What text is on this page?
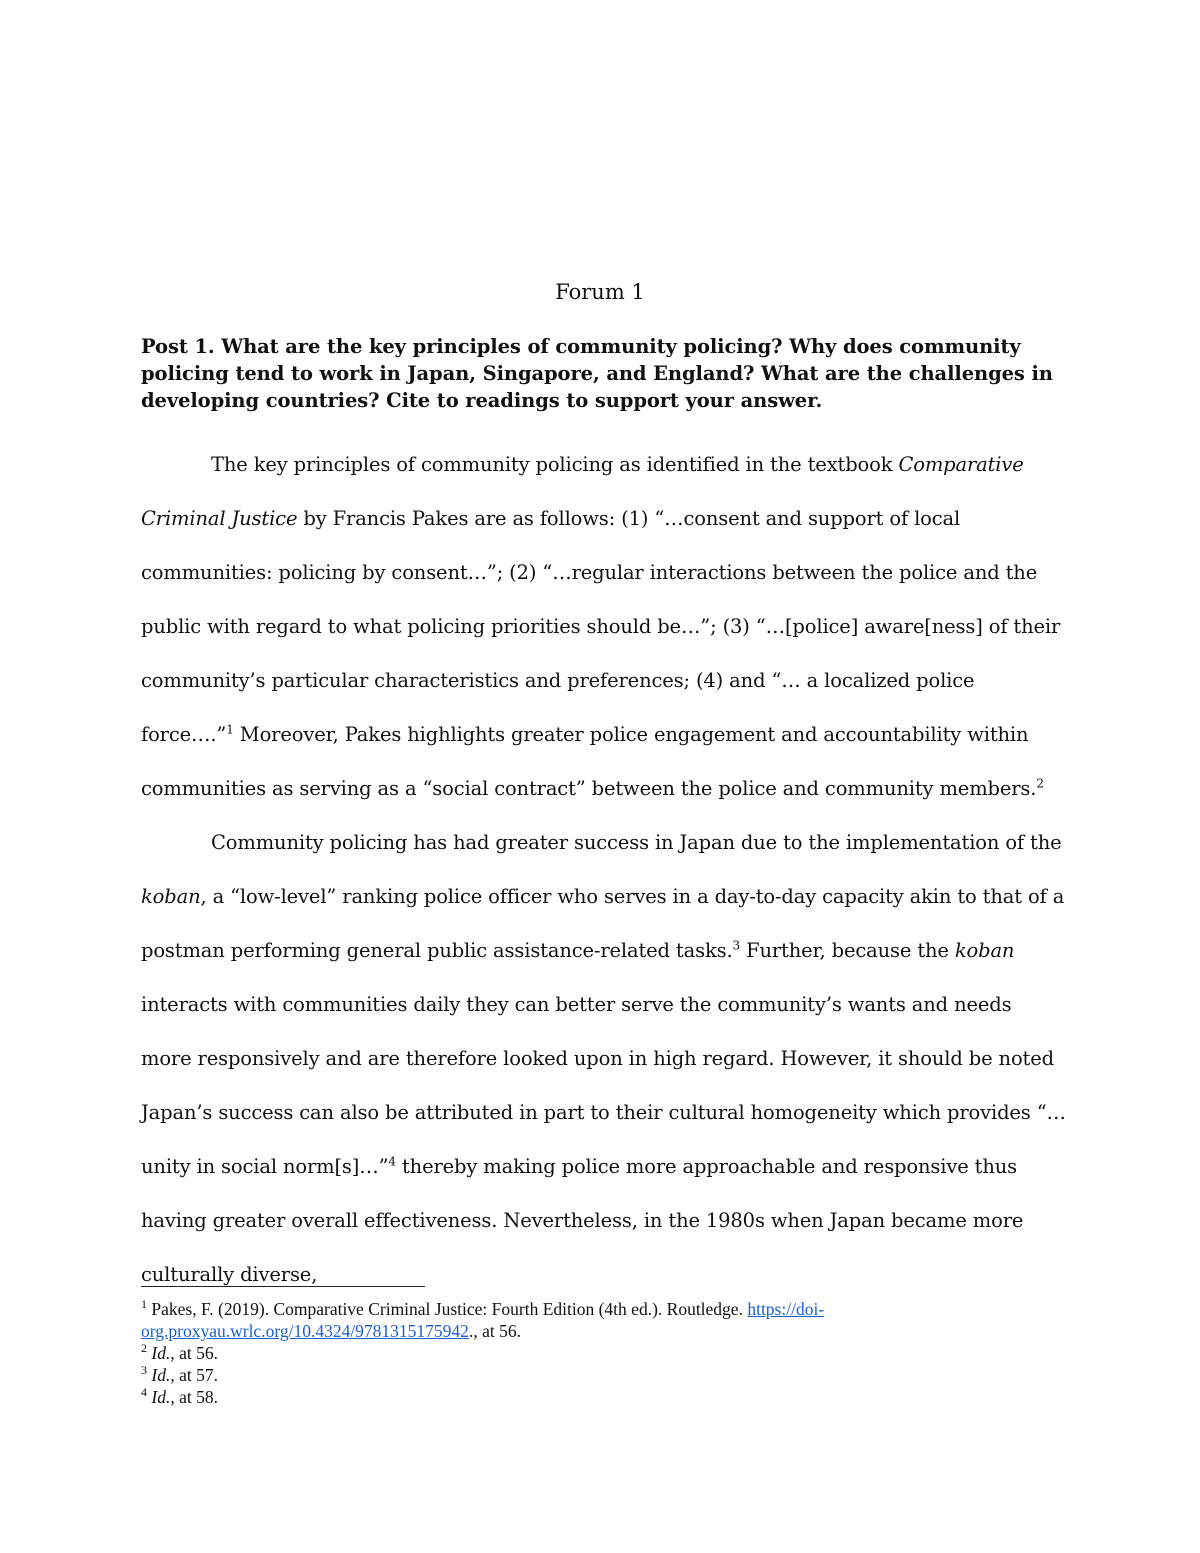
Forum 1
Post 1. What are the key principles of community policing? Why does community policing tend to work in Japan, Singapore, and England? What are the challenges in developing countries? Cite to readings to support your answer.

The key principles of community policing as identified in the textbook Comparative Criminal Justice by Francis Pakes are as follows: (1) “…consent and support of local communities: policing by consent…”; (2) “…regular interactions between the police and the public with regard to what policing priorities should be…”; (3) “…[police] aware[ness] of their community’s particular characteristics and preferences; (4) and “… a localized police force….”$^1$ Moreover, Pakes highlights greater police engagement and accountability within communities as serving as a “social contract” between the police and community members.$^2$

Community policing has had greater success in Japan due to the implementation of the koban, a “low-level” ranking police officer who serves in a day-to-day capacity akin to that of a postman performing general public assistance-related tasks.$^3$ Further, because the koban interacts with communities daily they can better serve the community’s wants and needs more responsively and are therefore looked upon in high regard. However, it should be noted Japan’s success can also be attributed in part to their cultural homogeneity which provides “…unity in social norm[s]…”$^4$ thereby making police more approachable and responsive thus having greater overall effectiveness. Nevertheless, in the 1980s when Japan became more culturally diverse,

$^1$ Pakes, F. (2019). Comparative Criminal Justice: Fourth Edition (4th ed.). Routledge. https://doi-org.proxyau.wrlc.org/10.4324/9781315175942., at 56.
$^2$ Id., at 56.
$^3$ Id., at 57.
$^4$ Id., at 58.
